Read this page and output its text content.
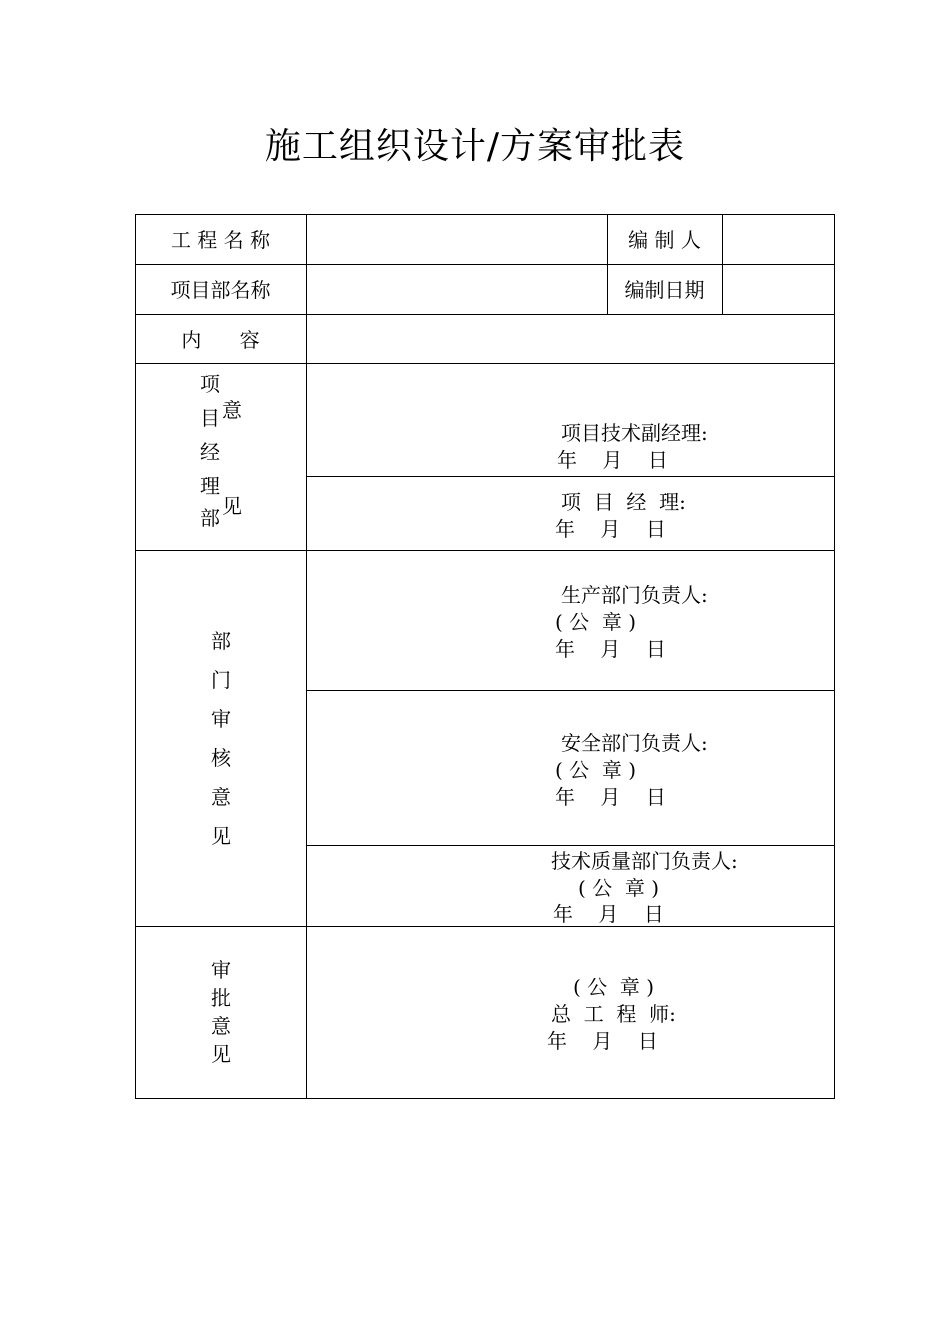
施工组织设计/方案审批表
工 程 名 称	编 制 人
项目部名称	编制日期
内      容
项
目
经
理
部
意
见
项目技术副经理:
年    月    日
项  目  经  理:
年    月    日
部
门
审
核
意
见
生产部门负责人:
( 公  章 )
年    月    日
安全部门负责人:
( 公  章 )
年    月    日
技术质量部门负责人:
( 公  章 )
年    月    日
审
批
意
见
( 公  章 )
总  工  程  师:
年    月    日
